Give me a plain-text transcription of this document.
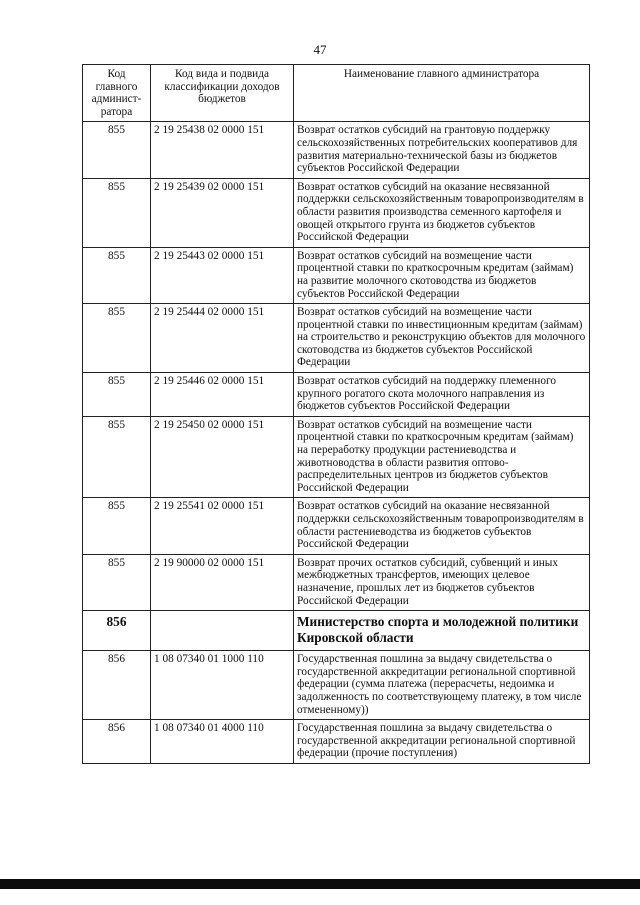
47
Код главного админист-ратора	Код вида и подвида классификации доходов бюджетов	Наименование главного администратора
855	2 19 25438 02 0000 151	Возврат остатков субсидий на грантовую поддержку сельскохозяйственных потребительских кооперативов для развития материально-технической базы из бюджетов субъектов Российской Федерации
855	2 19 25439 02 0000 151	Возврат остатков субсидий на оказание несвязанной поддержки сельскохозяйственным товаропроизводителям в области развития производства семенного картофеля и овощей открытого грунта из бюджетов субъектов Российской Федерации
855	2 19 25443 02 0000 151	Возврат остатков субсидий на возмещение части процентной ставки по краткосрочным кредитам (займам) на развитие молочного скотоводства из бюджетов субъектов Российской Федерации
855	2 19 25444 02 0000 151	Возврат остатков субсидий на возмещение части процентной ставки по инвестиционным кредитам (займам) на строительство и реконструкцию объектов для молочного скотоводства из бюджетов субъектов Российской Федерации
855	2 19 25446 02 0000 151	Возврат остатков субсидий на поддержку племенного крупного рогатого скота молочного направления из бюджетов субъектов Российской Федерации
855	2 19 25450 02 0000 151	Возврат остатков субсидий на возмещение части процентной ставки по краткосрочным кредитам (займам) на переработку продукции растениеводства и животноводства в области развития оптово-распределительных центров из бюджетов субъектов Российской Федерации
855	2 19 25541 02 0000 151	Возврат остатков субсидий на оказание несвязанной поддержки сельскохозяйственным товаропроизводителям в области растениеводства из бюджетов субъектов Российской Федерации
855	2 19 90000 02 0000 151	Возврат прочих остатков субсидий, субвенций и иных межбюджетных трансфертов, имеющих целевое назначение, прошлых лет из бюджетов субъектов Российской Федерации
856		Министерство спорта и молодежной политики Кировской области
856	1 08 07340 01 1000 110	Государственная пошлина за выдачу свидетельства о государственной аккредитации региональной спортивной федерации (сумма платежа (перерасчеты, недоимка и задолженность по соответствующему платежу, в том числе отмененному))
856	1 08 07340 01 4000 110	Государственная пошлина за выдачу свидетельства о государственной аккредитации региональной спортивной федерации (прочие поступления)
